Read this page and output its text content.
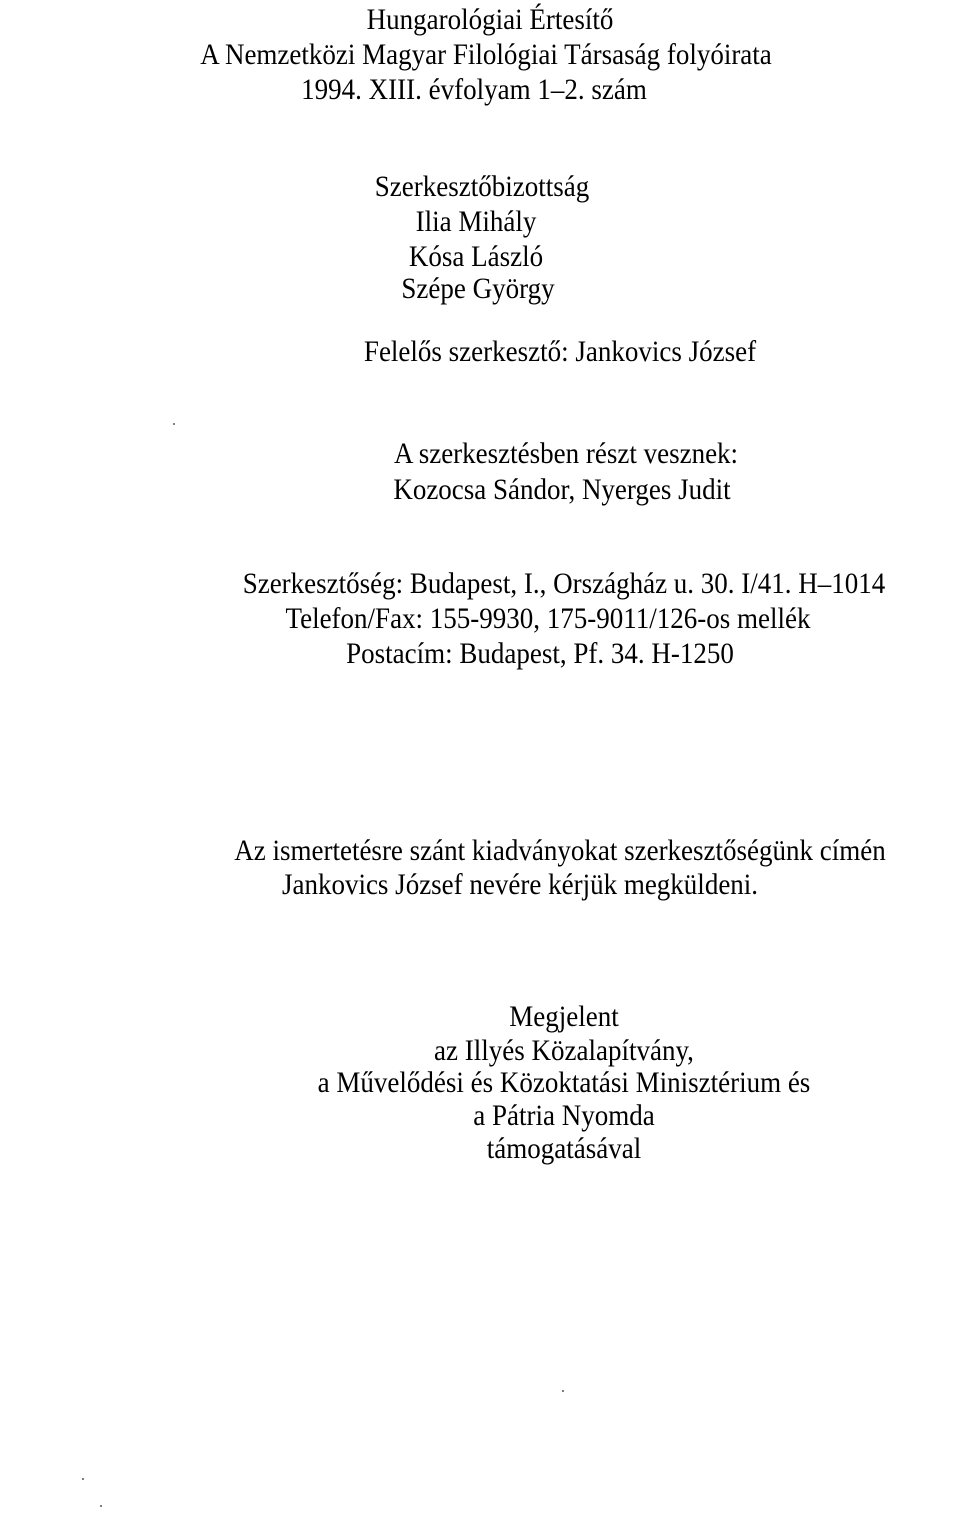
Hungarológiai Értesítő
A Nemzetközi Magyar Filológiai Társaság folyóirata
1994. XIII. évfolyam 1–2. szám
Szerkesztőbizottság
Ilia Mihály
Kósa László
Szépe György
Felelős szerkesztő: Jankovics József
A szerkesztésben részt vesznek:
Kozocsa Sándor, Nyerges Judit
Szerkesztőség: Budapest, I., Országház u. 30. I/41. H–1014
Telefon/Fax: 155-9930, 175-9011/126-os mellék
Postacím: Budapest, Pf. 34. H-1250
Az ismertetésre szánt kiadványokat szerkesztőségünk címén
Jankovics József nevére kérjük megküldeni.
Megjelent
az Illyés Közalapítvány,
a Művelődési és Közoktatási Minisztérium és
a Pátria Nyomda
támogatásával
